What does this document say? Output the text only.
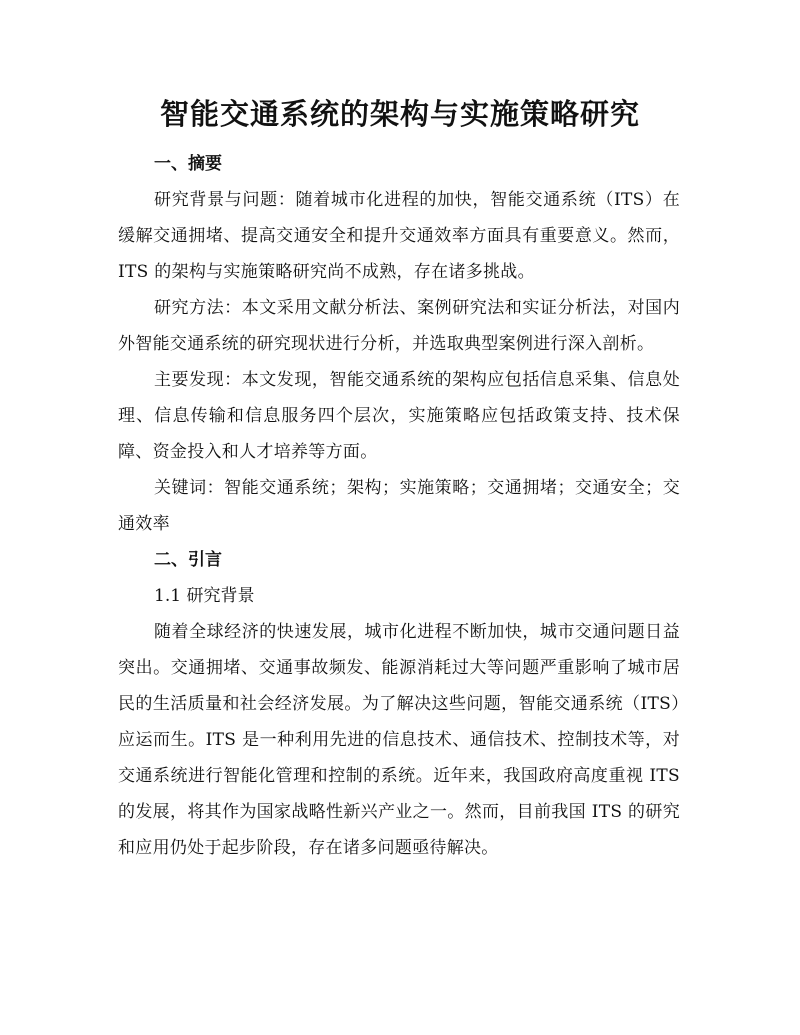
智能交通系统的架构与实施策略研究

一、摘要

研究背景与问题：随着城市化进程的加快，智能交通系统（ITS）在缓解交通拥堵、提高交通安全和提升交通效率方面具有重要意义。然而，ITS 的架构与实施策略研究尚不成熟，存在诸多挑战。

研究方法：本文采用文献分析法、案例研究法和实证分析法，对国内外智能交通系统的研究现状进行分析，并选取典型案例进行深入剖析。

主要发现：本文发现，智能交通系统的架构应包括信息采集、信息处理、信息传输和信息服务四个层次，实施策略应包括政策支持、技术保障、资金投入和人才培养等方面。

关键词：智能交通系统；架构；实施策略；交通拥堵；交通安全；交通效率

二、引言

1.1 研究背景

随着全球经济的快速发展，城市化进程不断加快，城市交通问题日益突出。交通拥堵、交通事故频发、能源消耗过大等问题严重影响了城市居民的生活质量和社会经济发展。为了解决这些问题，智能交通系统（ITS）应运而生。ITS 是一种利用先进的信息技术、通信技术、控制技术等，对交通系统进行智能化管理和控制的系统。近年来，我国政府高度重视 ITS 的发展，将其作为国家战略性新兴产业之一。然而，目前我国 ITS 的研究和应用仍处于起步阶段，存在诸多问题亟待解决。
